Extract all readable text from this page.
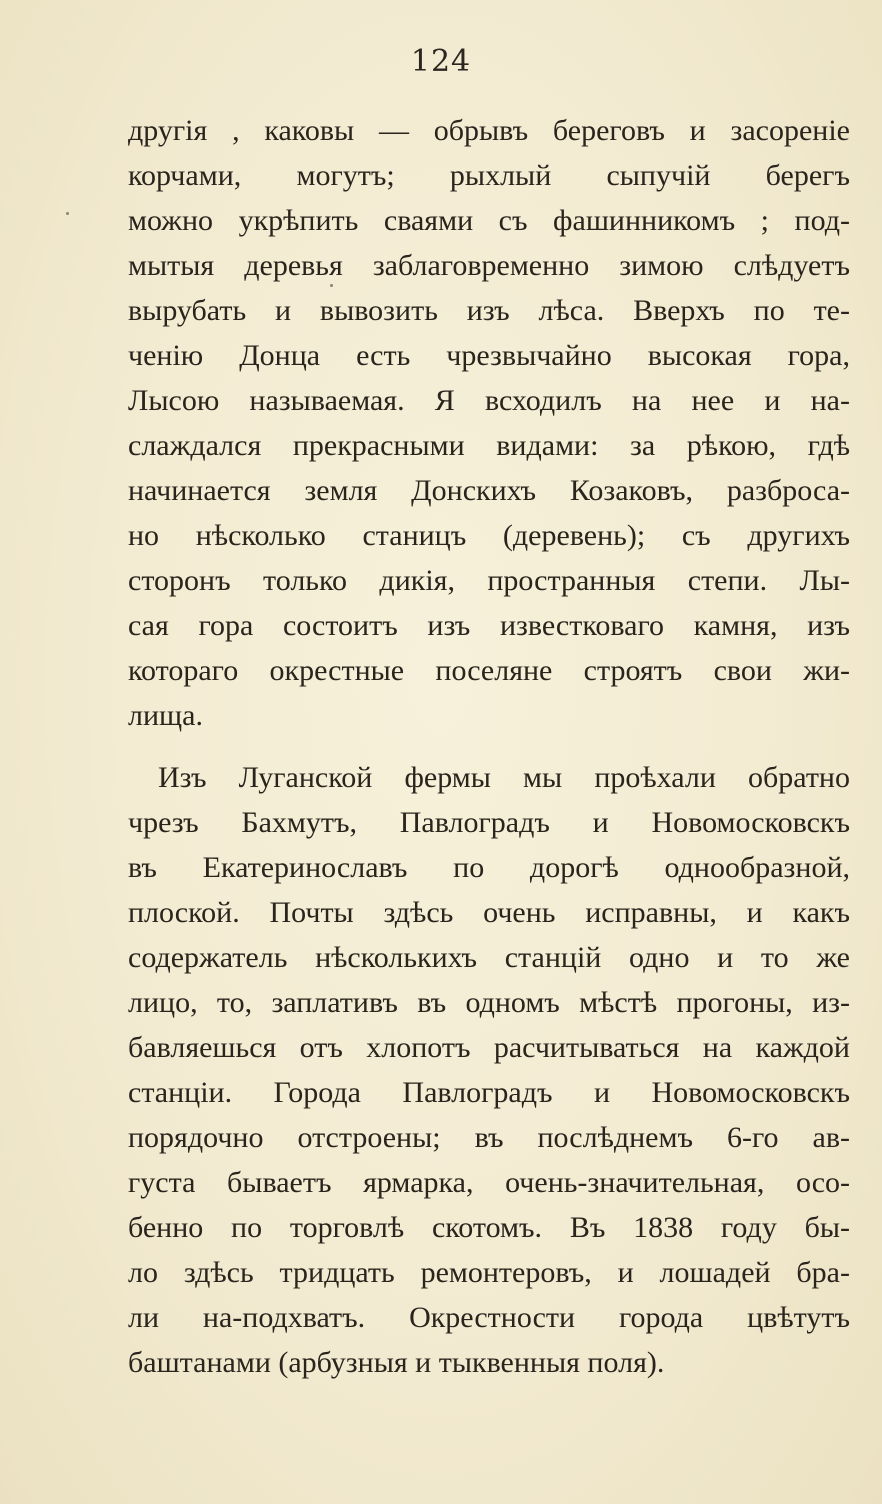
124
другія , каковы — обрывъ береговъ и засореніе
корчами, могутъ; рыхлый сыпучій берегъ
можно укрѣпить сваями съ фашинникомъ ; под-
мытыя деревья заблаговременно зимою слѣдуетъ
вырубать и вывозить изъ лѣса. Вверхъ по те-
ченію Донца есть чрезвычайно высокая гора,
Лысою называемая. Я всходилъ на нее и на-
слаждался прекрасными видами: за рѣкою, гдѣ
начинается земля Донскихъ Козаковъ, разброса-
но нѣсколько станицъ (деревень); съ другихъ
сторонъ только дикія, пространныя степи. Лы-
сая гора состоитъ изъ известковаго камня, изъ
котораго окрестные поселяне строятъ свои жи-
лища.
Изъ Луганской фермы мы проѣхали обратно
чрезъ Бахмутъ, Павлоградъ и Новомосковскъ
въ Екатеринославъ по дорогѣ однообразной,
плоской. Почты здѣсь очень исправны, и какъ
содержатель нѣсколькихъ станцій одно и то же
лицо, то, заплативъ въ одномъ мѣстѣ прогоны, из-
бавляешься отъ хлопотъ расчитываться на каждой
станціи. Города Павлоградъ и Новомосковскъ
порядочно отстроены; въ послѣднемъ 6-го ав-
густа бываетъ ярмарка, очень-значительная, осо-
бенно по торговлѣ скотомъ. Въ 1838 году бы-
ло здѣсь тридцать ремонтеровъ, и лошадей бра-
ли на-подхватъ. Окрестности города цвѣтутъ
баштанами (арбузныя и тыквенныя поля).
